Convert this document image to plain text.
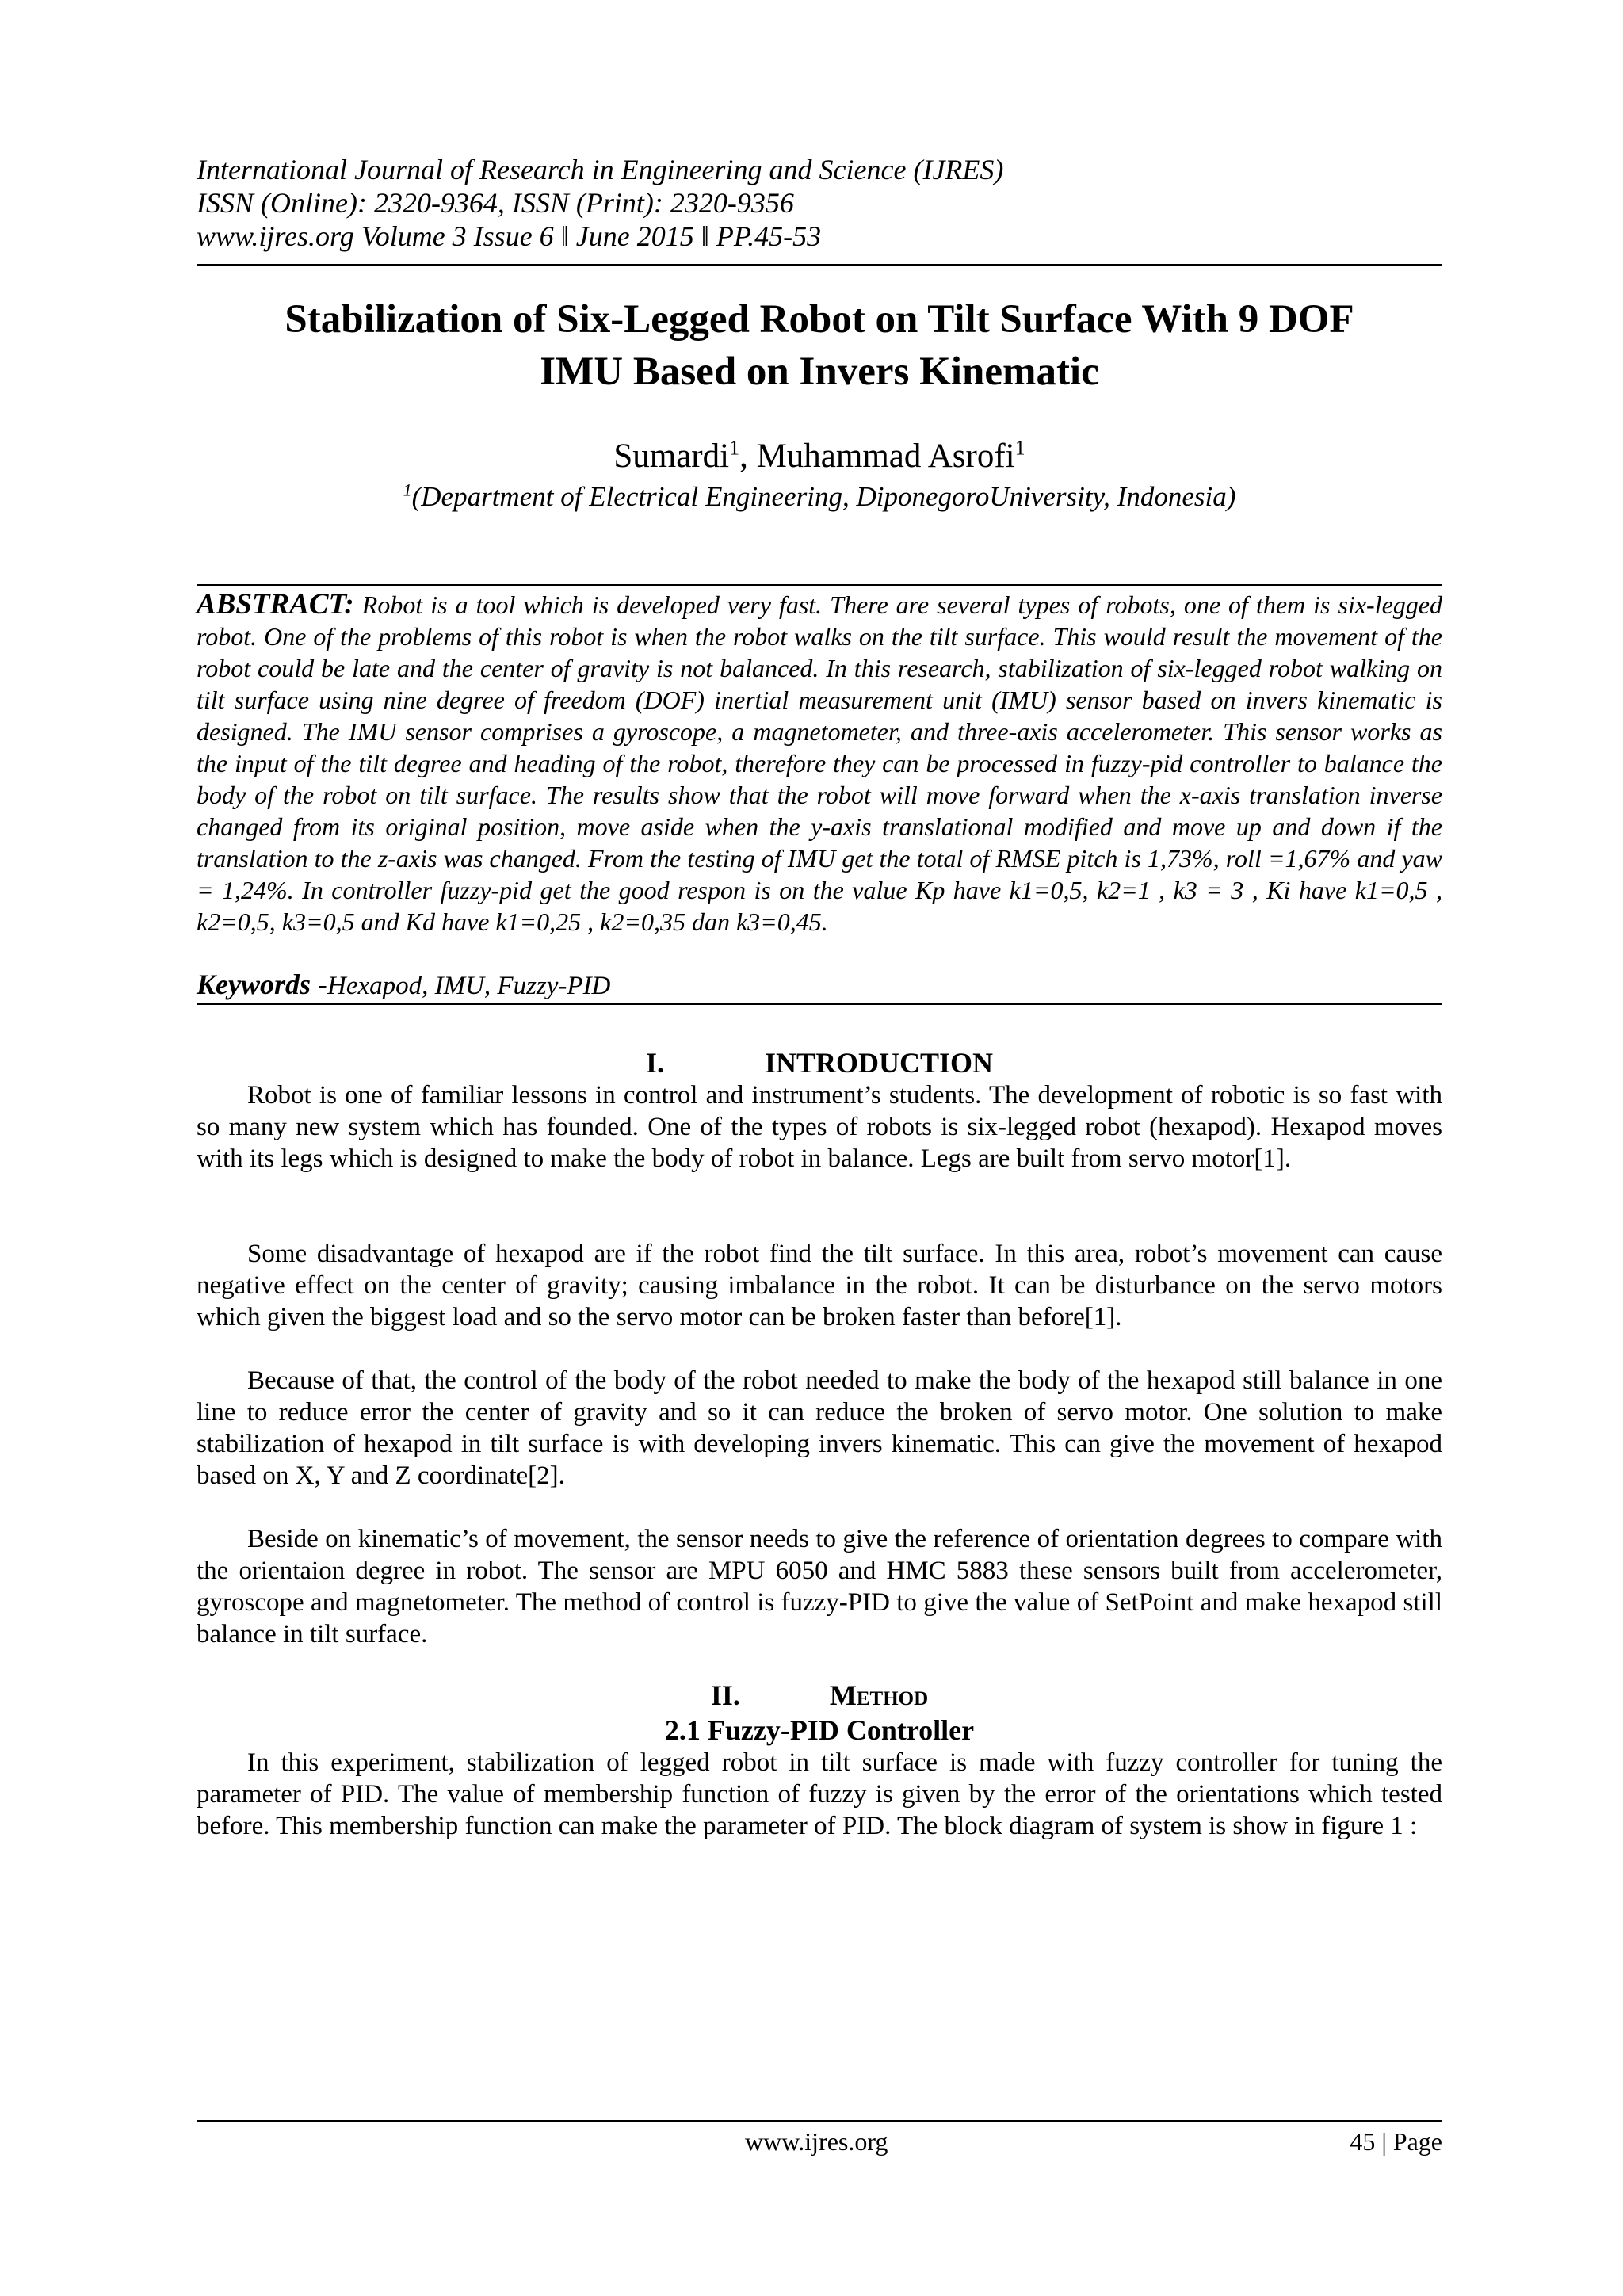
International Journal of Research in Engineering and Science (IJRES)
ISSN (Online): 2320-9364, ISSN (Print): 2320-9356
www.ijres.org Volume 3 Issue 6 ǁ June 2015 ǁ PP.45-53
Stabilization of Six-Legged Robot on Tilt Surface With 9 DOF
IMU Based on Invers Kinematic
Sumardi$^1$, Muhammad Asrofi$^1$
$^1$(Department of Electrical Engineering, DiponegoroUniversity, Indonesia)
ABSTRACT: Robot is a tool which is developed very fast. There are several types of robots, one of them is six-legged robot. One of the problems of this robot is when the robot walks on the tilt surface. This would result the movement of the robot could be late and the center of gravity is not balanced. In this research, stabilization of six-legged robot walking on tilt surface using nine degree of freedom (DOF) inertial measurement unit (IMU) sensor based on invers kinematic is designed. The IMU sensor comprises a gyroscope, a magnetometer, and three-axis accelerometer. This sensor works as the input of the tilt degree and heading of the robot, therefore they can be processed in fuzzy-pid controller to balance the body of the robot on tilt surface. The results show that the robot will move forward when the x-axis translation inverse changed from its original position, move aside when the y-axis translational modified and move up and down if the translation to the z-axis was changed. From the testing of IMU get the total of RMSE pitch is 1,73%, roll =1,67% and yaw = 1,24%. In controller fuzzy-pid get the good respon is on the value Kp have k1=0,5, k2=1 , k3 = 3 , Ki have k1=0,5 , k2=0,5, k3=0,5 and Kd have k1=0,25 , k2=0,35 dan k3=0,45.
Keywords -Hexapod, IMU, Fuzzy-PID
I.	INTRODUCTION

Robot is one of familiar lessons in control and instrument’s students. The development of robotic is so fast with so many new system which has founded. One of the types of robots is six-legged robot (hexapod). Hexapod moves with its legs which is designed to make the body of robot in balance. Legs are built from servo motor[1].

Some disadvantage of hexapod are if the robot find the tilt surface. In this area, robot’s movement can cause negative effect on the center of gravity; causing imbalance in the robot. It can be disturbance on the servo motors which given the biggest load and so the servo motor can be broken faster than before[1].

Because of that, the control of the body of the robot needed to make the body of the hexapod still balance in one line to reduce error the center of gravity and so it can reduce the broken of servo motor. One solution to make stabilization of hexapod in tilt surface is with developing invers kinematic. This can give the movement of hexapod based on X, Y and Z coordinate[2].

Beside on kinematic’s of movement, the sensor needs to give the reference of orientation degrees to compare with the orientaion degree in robot. The sensor are MPU 6050 and HMC 5883 these sensors built from accelerometer, gyroscope and magnetometer. The method of control is fuzzy-PID to give the value of SetPoint and make hexapod still balance in tilt surface.

II.	Method
2.1 Fuzzy-PID Controller

In this experiment, stabilization of legged robot in tilt surface is made with fuzzy controller for tuning the parameter of PID. The value of membership function of fuzzy is given by the error of the orientations which tested before. This membership function can make the parameter of PID. The block diagram of system is show in figure 1 :

www.ijres.org	45 | Page
